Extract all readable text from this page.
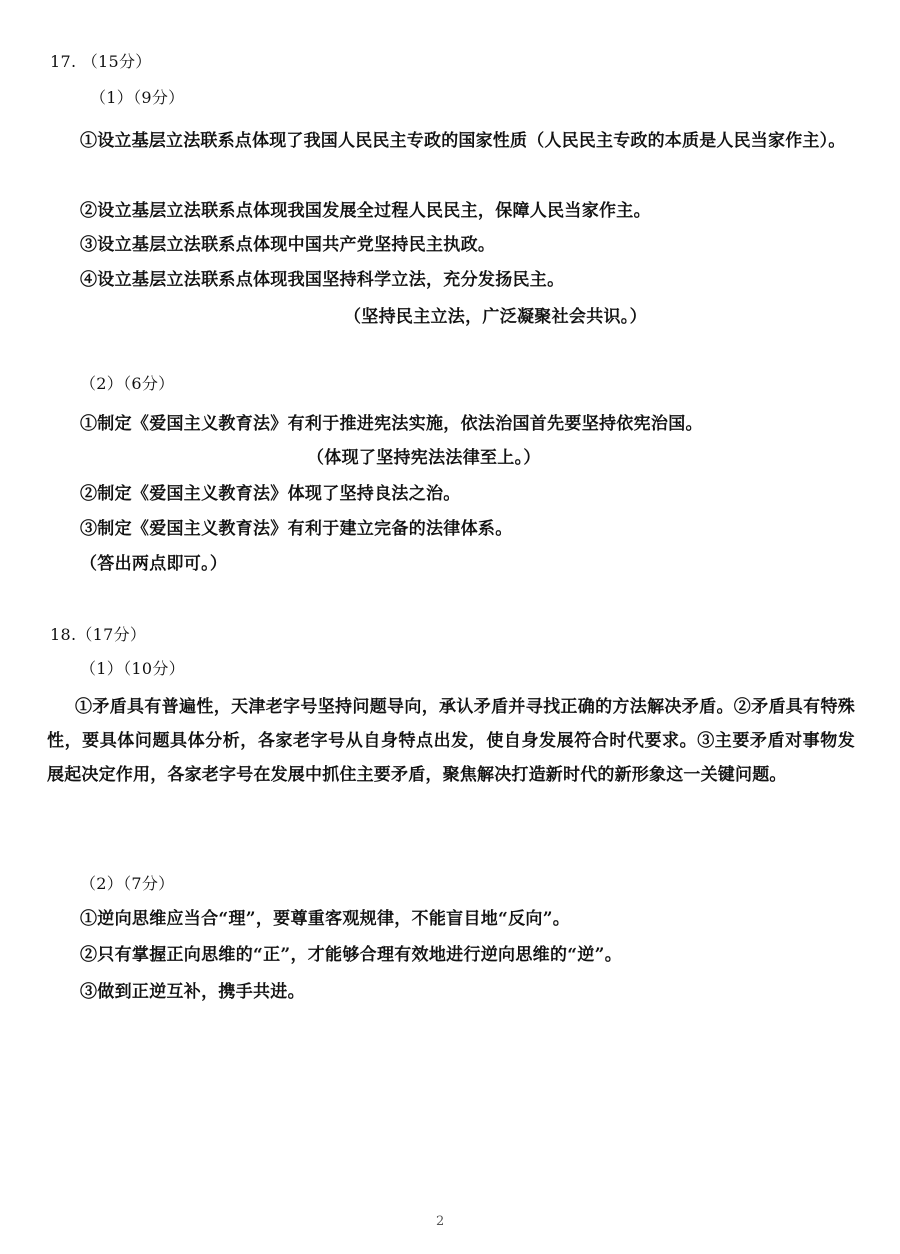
17. （15分）

（1）（9分）

①设立基层立法联系点体现了我国人民民主专政的国家性质（人民民主专政的本质是人民当家作主）。

②设立基层立法联系点体现我国发展全过程人民民主，保障人民当家作主。

③设立基层立法联系点体现中国共产党坚持民主执政。

④设立基层立法联系点体现我国坚持科学立法，充分发扬民主。

（坚持民主立法，广泛凝聚社会共识。）

（2）（6分）

①制定《爱国主义教育法》有利于推进宪法实施，依法治国首先要坚持依宪治国。

（体现了坚持宪法法律至上。）

②制定《爱国主义教育法》体现了坚持良法之治。

③制定《爱国主义教育法》有利于建立完备的法律体系。

（答出两点即可。）

18.（17分）

（1）（10分）

①矛盾具有普遍性，天津老字号坚持问题导向，承认矛盾并寻找正确的方法解决矛盾。②矛盾具有特殊性，要具体问题具体分析，各家老字号从自身特点出发，使自身发展符合时代要求。③主要矛盾对事物发展起决定作用，各家老字号在发展中抓住主要矛盾，聚焦解决打造新时代的新形象这一关键问题。

（2）（7分）

①逆向思维应当合“理”，要尊重客观规律，不能盲目地“反向”。

②只有掌握正向思维的“正”，才能够合理有效地进行逆向思维的“逆”。

③做到正逆互补，携手共进。

2
